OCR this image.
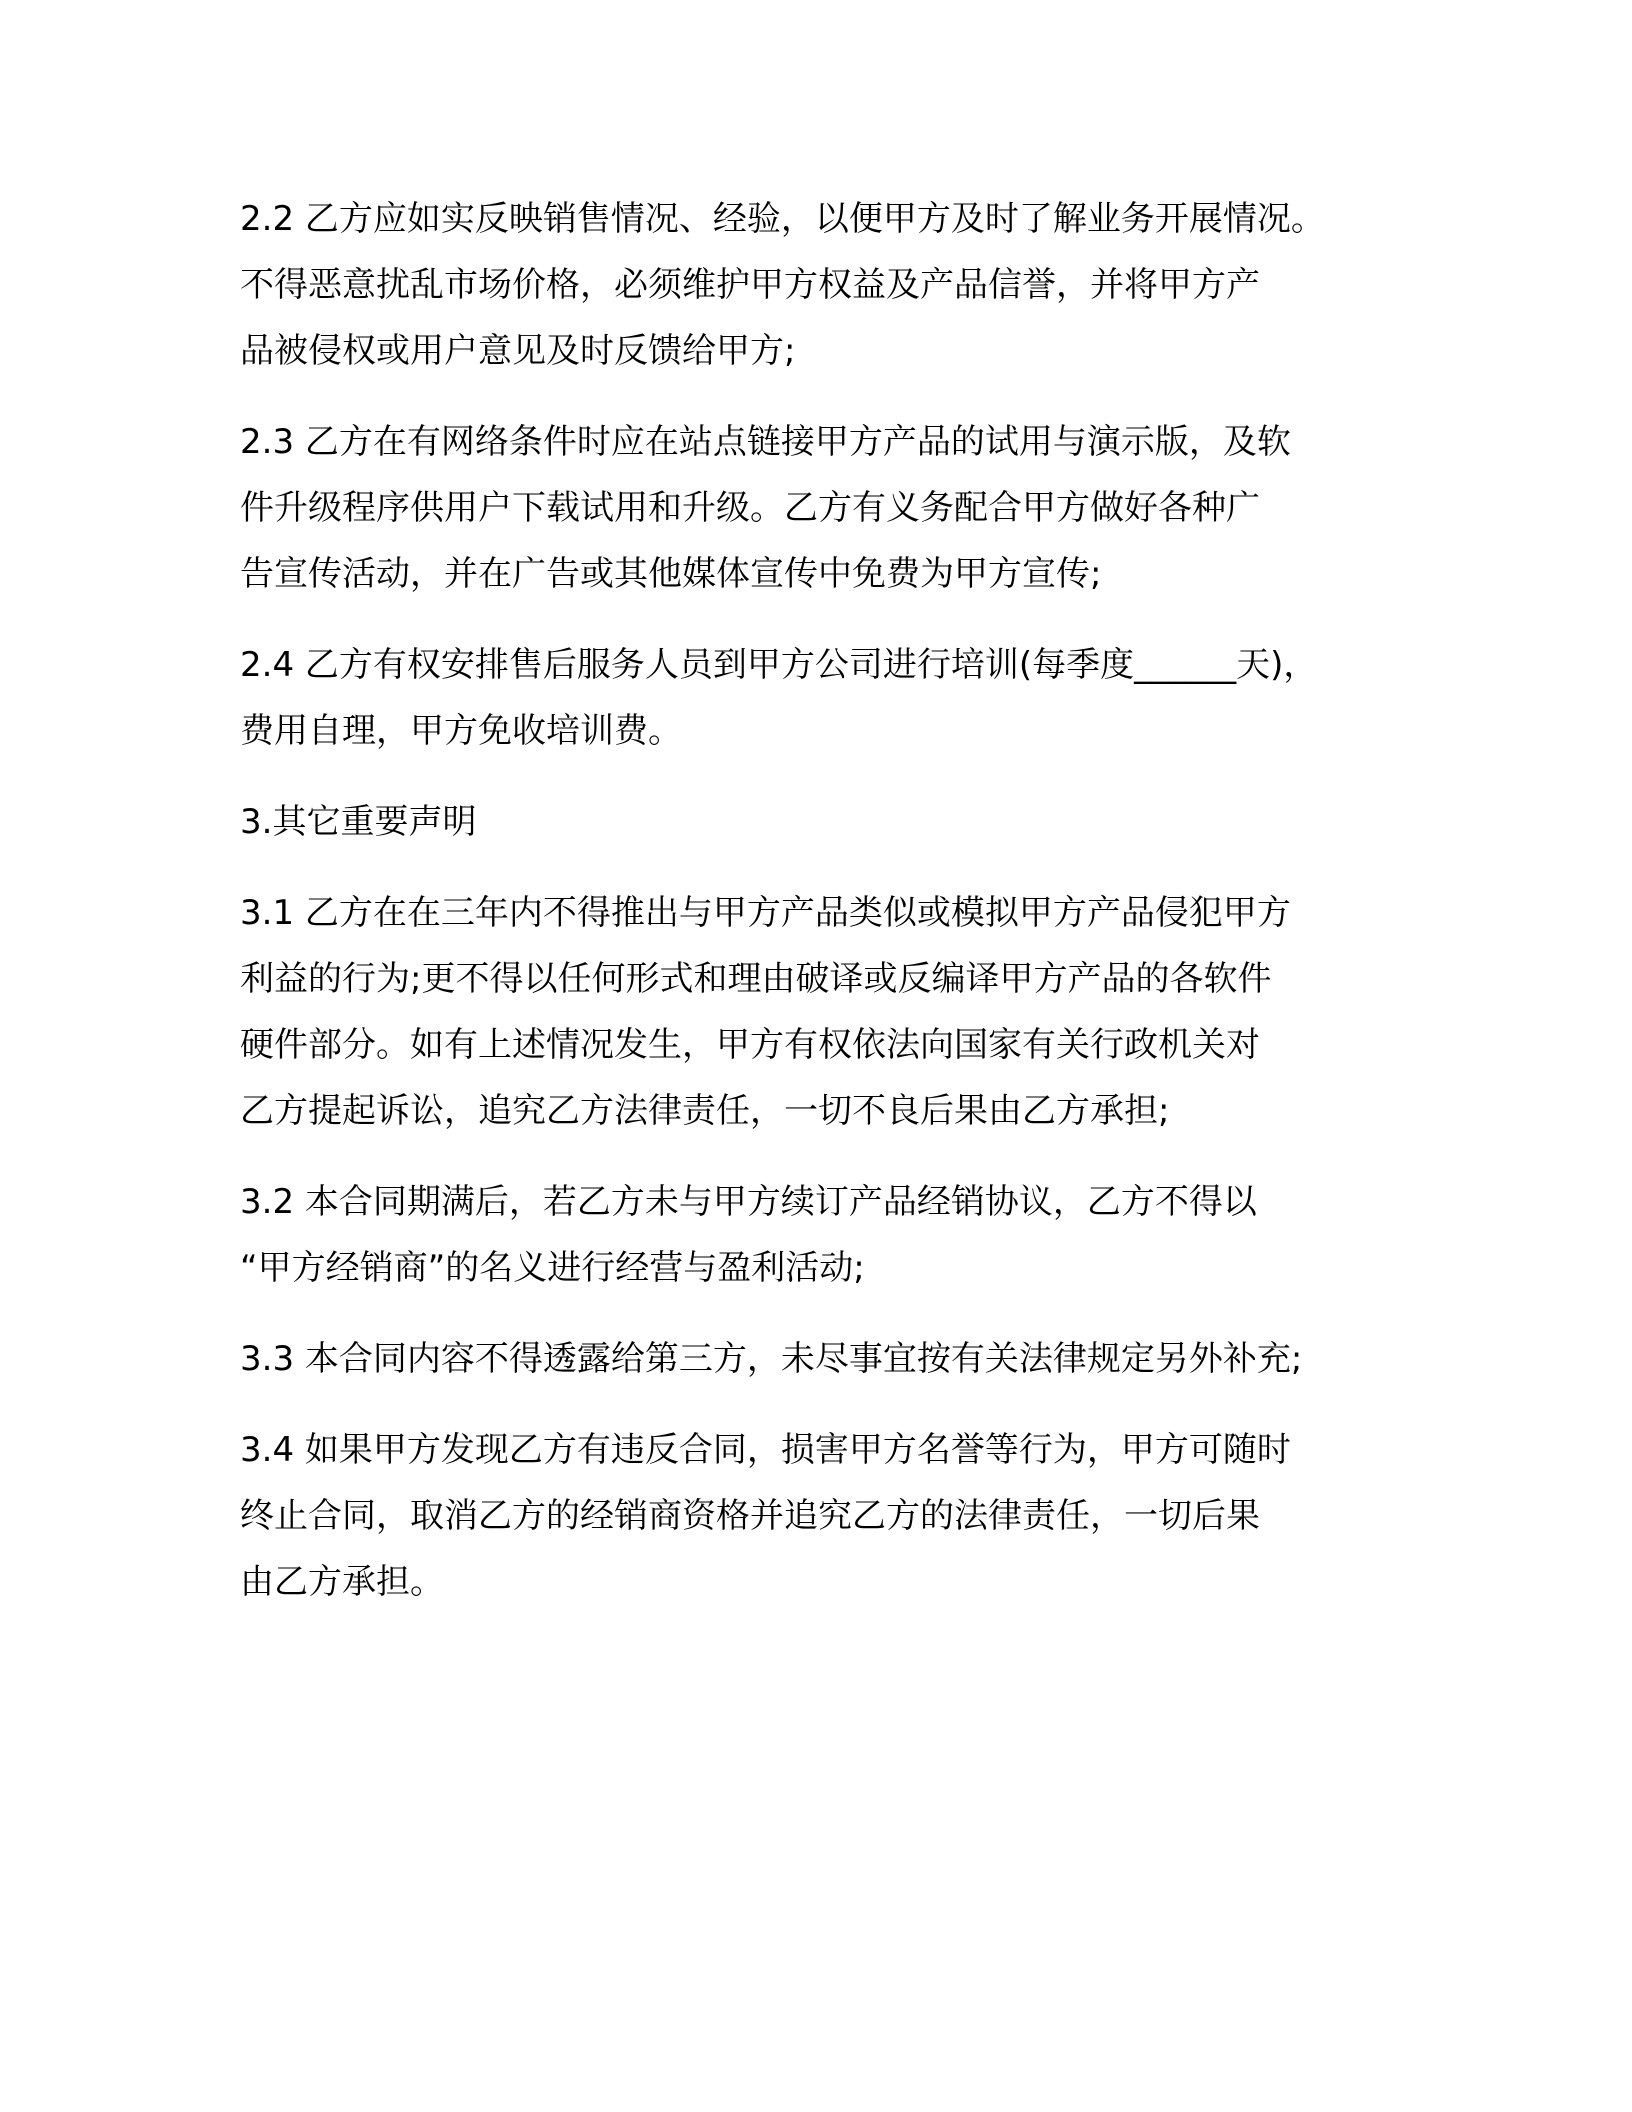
2.2 乙方应如实反映销售情况、经验，以便甲方及时了解业务开展情况。
不得恶意扰乱市场价格，必须维护甲方权益及产品信誉，并将甲方产
品被侵权或用户意见及时反馈给甲方;

2.3 乙方在有网络条件时应在站点链接甲方产品的试用与演示版，及软
件升级程序供用户下载试用和升级。乙方有义务配合甲方做好各种广
告宣传活动，并在广告或其他媒体宣传中免费为甲方宣传;

2.4 乙方有权安排售后服务人员到甲方公司进行培训(每季度______天)，
费用自理，甲方免收培训费。

3.其它重要声明

3.1 乙方在在三年内不得推出与甲方产品类似或模拟甲方产品侵犯甲方
利益的行为;更不得以任何形式和理由破译或反编译甲方产品的各软件
硬件部分。如有上述情况发生，甲方有权依法向国家有关行政机关对
乙方提起诉讼，追究乙方法律责任，一切不良后果由乙方承担;

3.2 本合同期满后，若乙方未与甲方续订产品经销协议，乙方不得以
“甲方经销商”的名义进行经营与盈利活动;

3.3 本合同内容不得透露给第三方，未尽事宜按有关法律规定另外补充;

3.4 如果甲方发现乙方有违反合同，损害甲方名誉等行为，甲方可随时
终止合同，取消乙方的经销商资格并追究乙方的法律责任，一切后果
由乙方承担。
